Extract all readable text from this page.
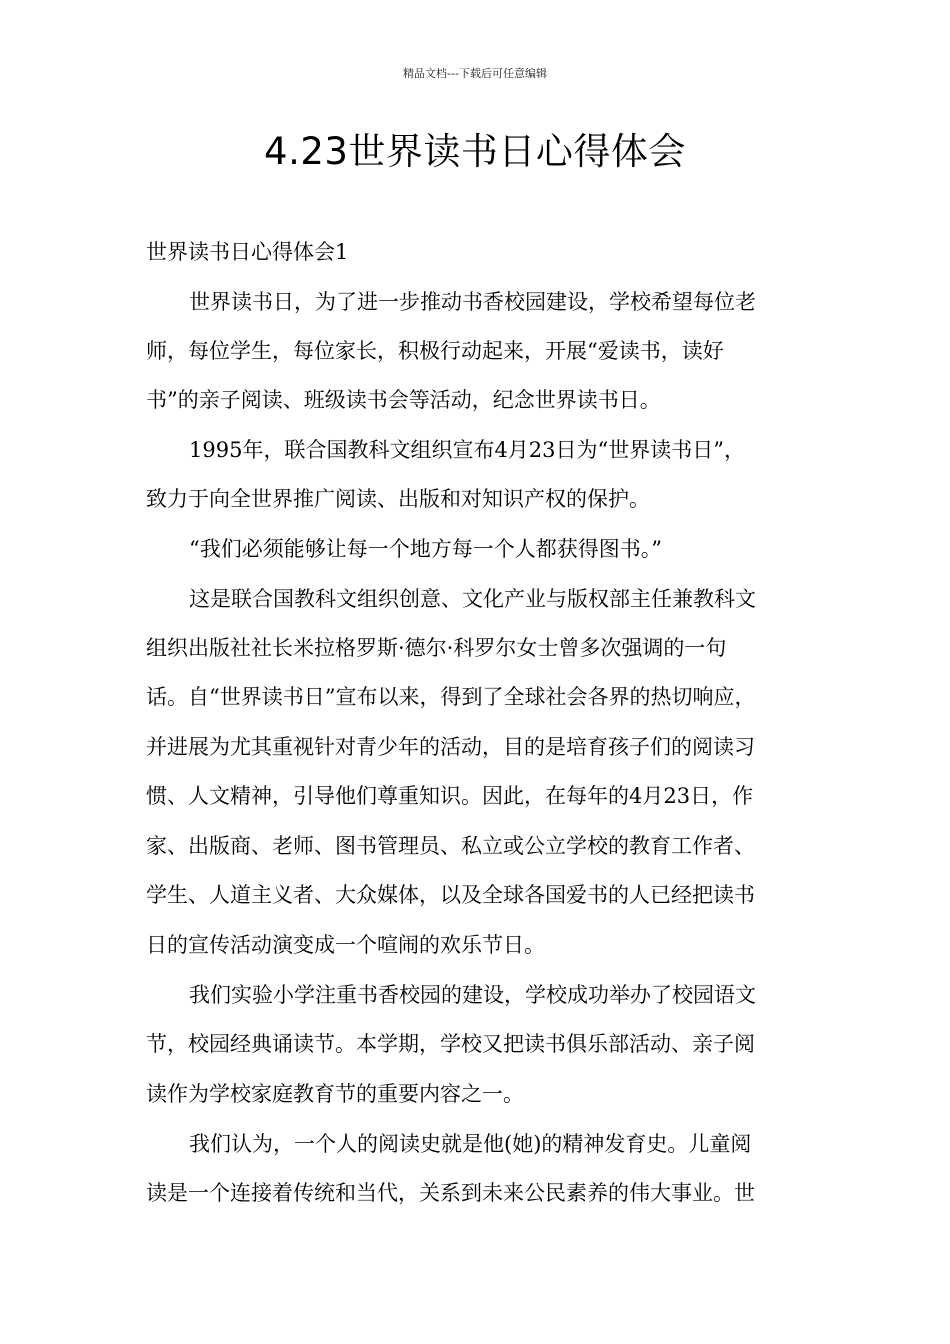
精品文档---下载后可任意编辑
4.23世界读书日心得体会
世界读书日心得体会1
世界读书日，为了进一步推动书香校园建设，学校希望每位老
师，每位学生，每位家长，积极行动起来，开展“爱读书，读好
书”的亲子阅读、班级读书会等活动，纪念世界读书日。
1995年，联合国教科文组织宣布4月23日为“世界读书日”，
致力于向全世界推广阅读、出版和对知识产权的保护。
“我们必须能够让每一个地方每一个人都获得图书。”
这是联合国教科文组织创意、文化产业与版权部主任兼教科文
组织出版社社长米拉格罗斯·德尔·科罗尔女士曾多次强调的一句
话。自“世界读书日”宣布以来，得到了全球社会各界的热切响应，
并进展为尤其重视针对青少年的活动，目的是培育孩子们的阅读习
惯、人文精神，引导他们尊重知识。因此，在每年的4月23日，作
家、出版商、老师、图书管理员、私立或公立学校的教育工作者、
学生、人道主义者、大众媒体，以及全球各国爱书的人已经把读书
日的宣传活动演变成一个喧闹的欢乐节日。
我们实验小学注重书香校园的建设，学校成功举办了校园语文
节，校园经典诵读节。本学期，学校又把读书俱乐部活动、亲子阅
读作为学校家庭教育节的重要内容之一。
我们认为，一个人的阅读史就是他(她)的精神发育史。儿童阅
读是一个连接着传统和当代，关系到未来公民素养的伟大事业。世
